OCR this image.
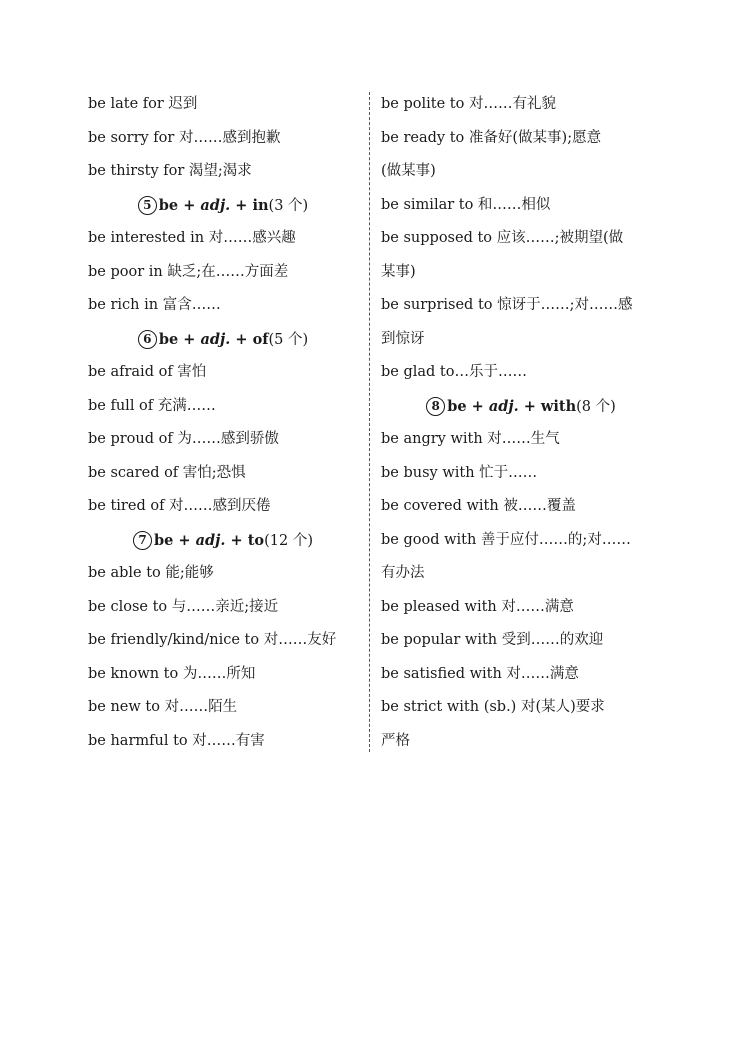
be late for 迟到
be sorry for 对……感到抱歉
be thirsty for 渴望;渴求
5 be + adj. + in(3 个)
be interested in 对……感兴趣
be poor in 缺乏;在……方面差
be rich in 富含……
6 be + adj. + of(5 个)
be afraid of 害怕
be full of 充满……
be proud of 为……感到骄傲
be scared of 害怕;恐惧
be tired of 对……感到厌倦
7 be + adj. + to(12 个)
be able to 能;能够
be close to 与……亲近;接近
be friendly/kind/nice to 对……友好
be known to 为……所知
be new to 对……陌生
be harmful to 对……有害
be polite to 对……有礼貌
be ready to 准备好(做某事);愿意
(做某事)
be similar to 和……相似
be supposed to 应该……;被期望(做
某事)
be surprised to 惊讶于……;对……感
到惊讶
be glad to…乐于……
8 be + adj. + with(8 个)
be angry with 对……生气
be busy with 忙于……
be covered with 被……覆盖
be good with 善于应付……的;对……
有办法
be pleased with 对……满意
be popular with 受到……的欢迎
be satisfied with 对……满意
be strict with (sb.) 对(某人)要求
严格
